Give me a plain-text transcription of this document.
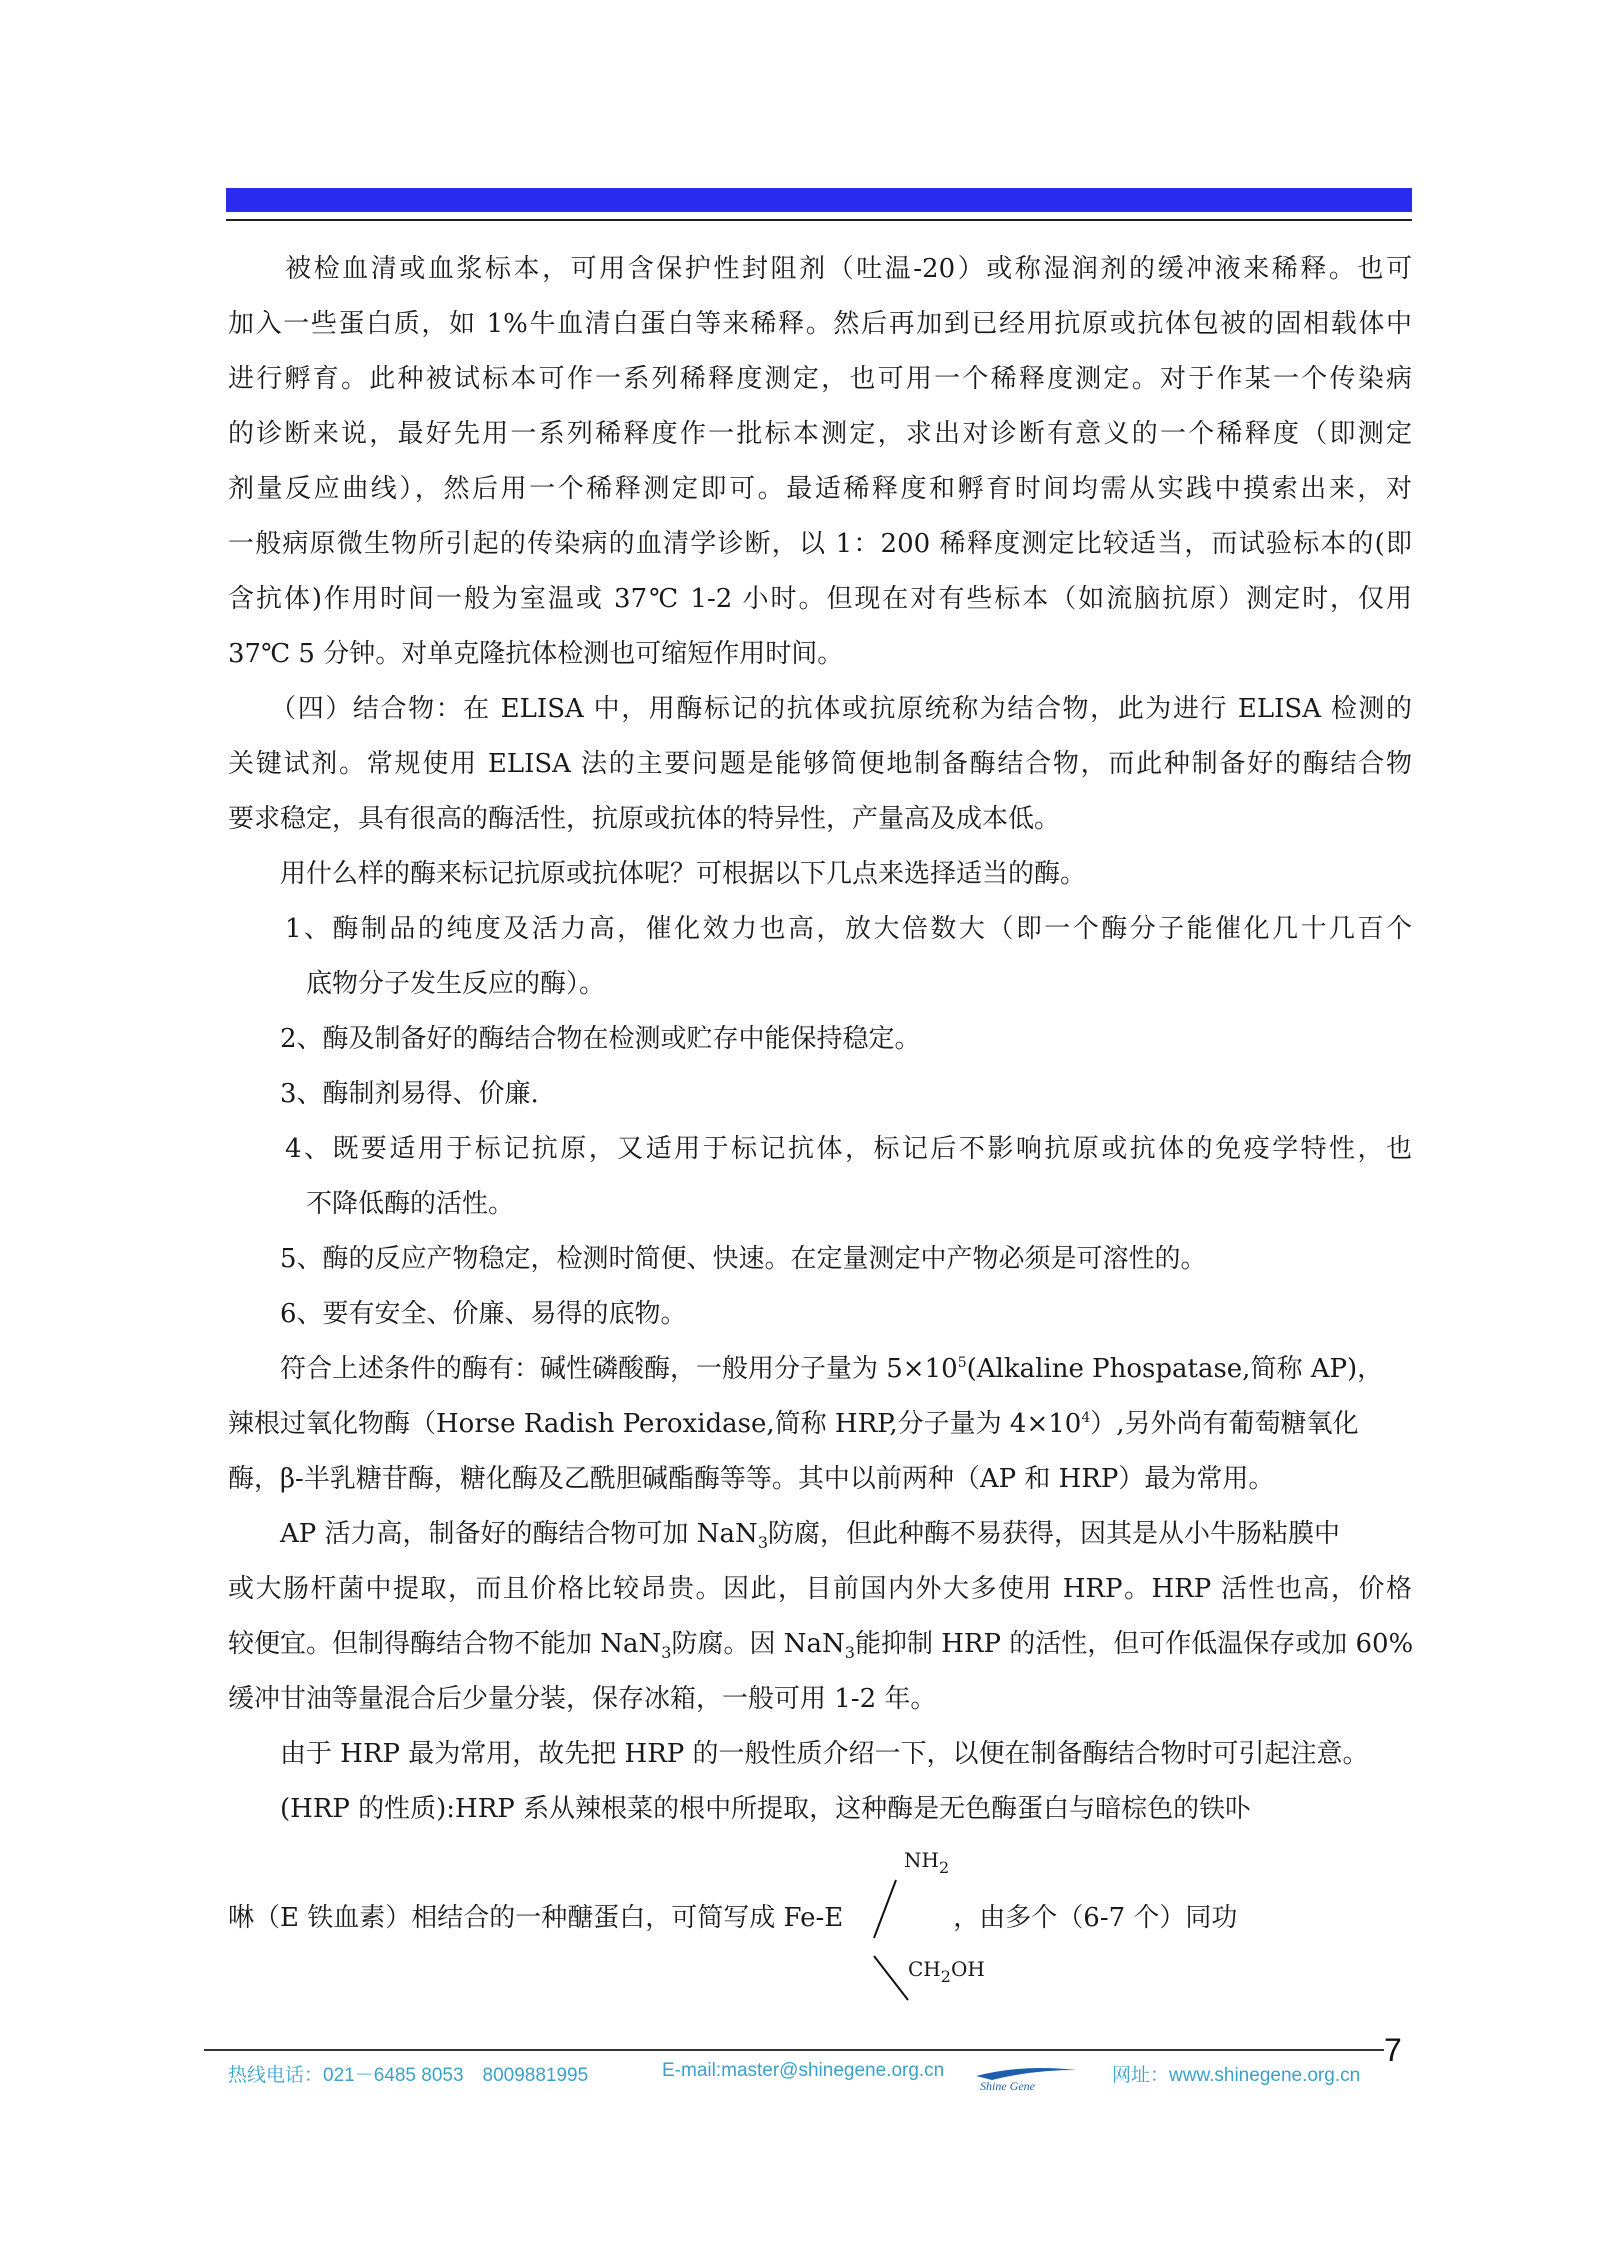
　　被检血清或血浆标本，可用含保护性封阻剂（吐温-20）或称湿润剂的缓冲液来稀释。也可
加入一些蛋白质，如 1%牛血清白蛋白等来稀释。然后再加到已经用抗原或抗体包被的固相载体中
进行孵育。此种被试标本可作一系列稀释度测定，也可用一个稀释度测定。对于作某一个传染病
的诊断来说，最好先用一系列稀释度作一批标本测定，求出对诊断有意义的一个稀释度（即测定
剂量反应曲线），然后用一个稀释测定即可。最适稀释度和孵育时间均需从实践中摸索出来，对
一般病原微生物所引起的传染病的血清学诊断，以 1：200 稀释度测定比较适当，而试验标本的(即
含抗体)作用时间一般为室温或 37℃ 1-2 小时。但现在对有些标本（如流脑抗原）测定时，仅用
37℃ 5 分钟。对单克隆抗体检测也可缩短作用时间。
　　（四）结合物：在 ELISA 中，用酶标记的抗体或抗原统称为结合物，此为进行 ELISA 检测的
关键试剂。常规使用 ELISA 法的主要问题是能够简便地制备酶结合物，而此种制备好的酶结合物
要求稳定，具有很高的酶活性，抗原或抗体的特异性，产量高及成本低。
　　用什么样的酶来标记抗原或抗体呢？可根据以下几点来选择适当的酶。
　　1、酶制品的纯度及活力高，催化效力也高，放大倍数大（即一个酶分子能催化几十几百个
　　　底物分子发生反应的酶）。
　　2、酶及制备好的酶结合物在检测或贮存中能保持稳定。
　　3、酶制剂易得、价廉.
　　4、既要适用于标记抗原，又适用于标记抗体，标记后不影响抗原或抗体的免疫学特性，也
　　　不降低酶的活性。
　　5、酶的反应产物稳定，检测时简便、快速。在定量测定中产物必须是可溶性的。
　　6、要有安全、价廉、易得的底物。
　　符合上述条件的酶有：碱性磷酸酶，一般用分子量为 $5\times 10^5(Alkaline$ Phospatase,简称 AP)，
辣根过氧化物酶（Horse Radish Peroxidase,简称 HRP,分子量为 $4\times 10^4$）,另外尚有葡萄糖氧化
酶，β-半乳糖苷酶，糖化酶及乙酰胆碱酯酶等等。其中以前两种（AP 和 HRP）最为常用。
　　AP 活力高，制备好的酶结合物可加 NaN$_3$防腐，但此种酶不易获得，因其是从小牛肠粘膜中
或大肠杆菌中提取，而且价格比较昂贵。因此，目前国内外大多使用 HRP。HRP 活性也高，价格
较便宜。但制得酶结合物不能加 NaN$_3$防腐。因 NaN$_3$能抑制 HRP 的活性，但可作低温保存或加 60%
缓冲甘油等量混合后少量分装，保存冰箱，一般可用 1-2 年。
　　由于 HRP 最为常用，故先把 HRP 的一般性质介绍一下，以便在制备酶结合物时可引起注意。
　　(HRP 的性质):HRP 系从辣根菜的根中所提取，这种酶是无色酶蛋白与暗棕色的铁卟
$NH_2$
啉（E 铁血素）相结合的一种醣蛋白，可简写成 Fe-E	，由多个（6-7 个）同功
$CH_2OH$
7
热线电话：021－6485 8053　8009881995	E-mail:master@shinegene.org.cn
Shine Gene	网址：www.shinegene.org.cn
